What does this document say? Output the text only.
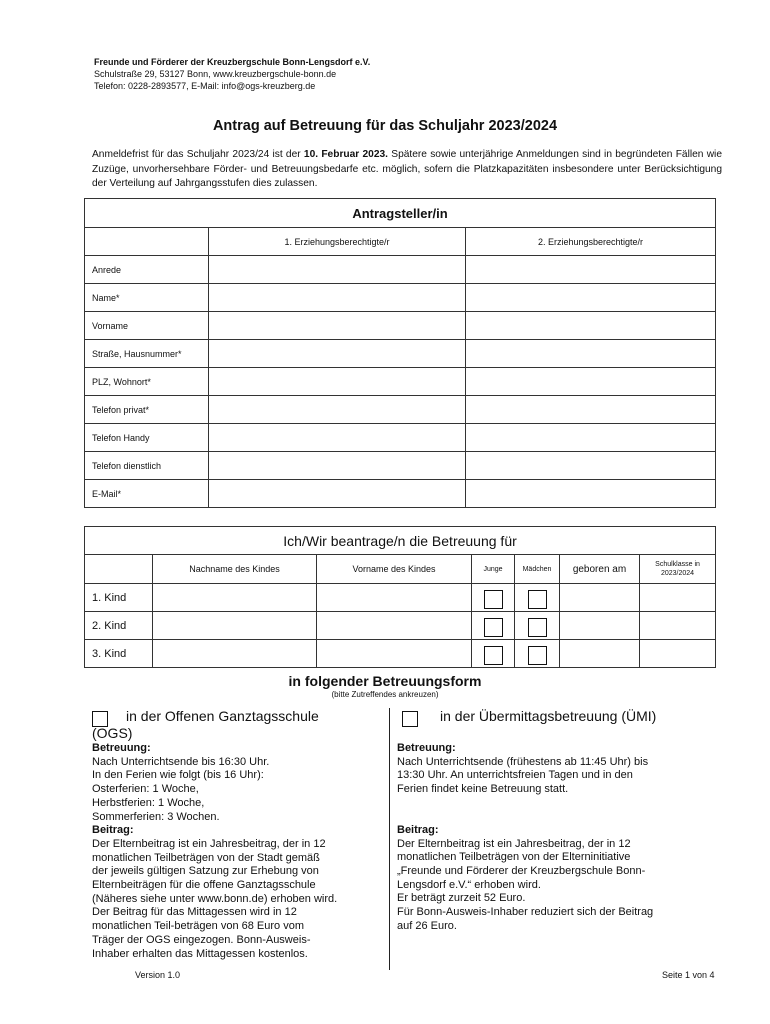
Freunde und Förderer der Kreuzbergschule Bonn-Lengsdorf e.V.
Schulstraße 29, 53127 Bonn, www.kreuzbergschule-bonn.de
Telefon: 0228-2893577, E-Mail: info@ogs-kreuzberg.de
Antrag auf Betreuung für das Schuljahr 2023/2024
Anmeldefrist für das Schuljahr 2023/24 ist der 10. Februar 2023. Spätere sowie unterjährige Anmeldungen sind in begründeten Fällen wie Zuzüge, unvorhersehbare Förder- und Betreuungsbedarfe etc. möglich, sofern die Platzkapazitäten insbesondere unter Berücksichtigung der Verteilung auf Jahrgangsstufen dies zulassen.
Antragsteller/in		
	1. Erziehungsberechtigte/r	2. Erziehungsberechtigte/r
Anrede		
Name*		
Vorname		
Straße, Hausnummer*		
PLZ, Wohnort*		
Telefon privat*		
Telefon Handy		
Telefon dienstlich		
E-Mail*		
Ich/Wir beantrage/n die Betreuung für						
	Nachname des Kindes	Vorname des Kindes	Junge	Mädchen	geboren am	Schulklasse in 2023/2024
1. Kind						
2. Kind						
3. Kind						
in folgender Betreuungsform
(bitte Zutreffendes ankreuzen)
in der Offenen Ganztagsschule
(OGS)
Betreuung:
Nach Unterrichtsende bis 16:30 Uhr.
In den Ferien wie folgt (bis 16 Uhr):
Osterferien: 1 Woche,
Herbstferien: 1 Woche,
Sommerferien: 3 Wochen.
Beitrag:
Der Elternbeitrag ist ein Jahresbeitrag, der in 12
monatlichen Teilbeträgen von der Stadt gemäß
der jeweils gültigen Satzung zur Erhebung von
Elternbeiträgen für die offene Ganztagsschule
(Näheres siehe unter www.bonn.de) erhoben wird.
Der Beitrag für das Mittagessen wird in 12
monatlichen Teil-beträgen von 68 Euro vom
Träger der OGS eingezogen. Bonn-Ausweis-
Inhaber erhalten das Mittagessen kostenlos.
in der Übermittagsbetreuung (ÜMI)
Betreuung:
Nach Unterrichtsende (frühestens ab 11:45 Uhr) bis
13:30 Uhr. An unterrichtsfreien Tagen und in den
Ferien findet keine Betreuung statt.
Beitrag:
Der Elternbeitrag ist ein Jahresbeitrag, der in 12
monatlichen Teilbeträgen von der Elterninitiative
„Freunde und Förderer der Kreuzbergschule Bonn-
Lengsdorf e.V.“ erhoben wird.
Er beträgt zurzeit 52 Euro.
Für Bonn-Ausweis-Inhaber reduziert sich der Beitrag
auf 26 Euro.
Version 1.0	Seite 1 von 4
